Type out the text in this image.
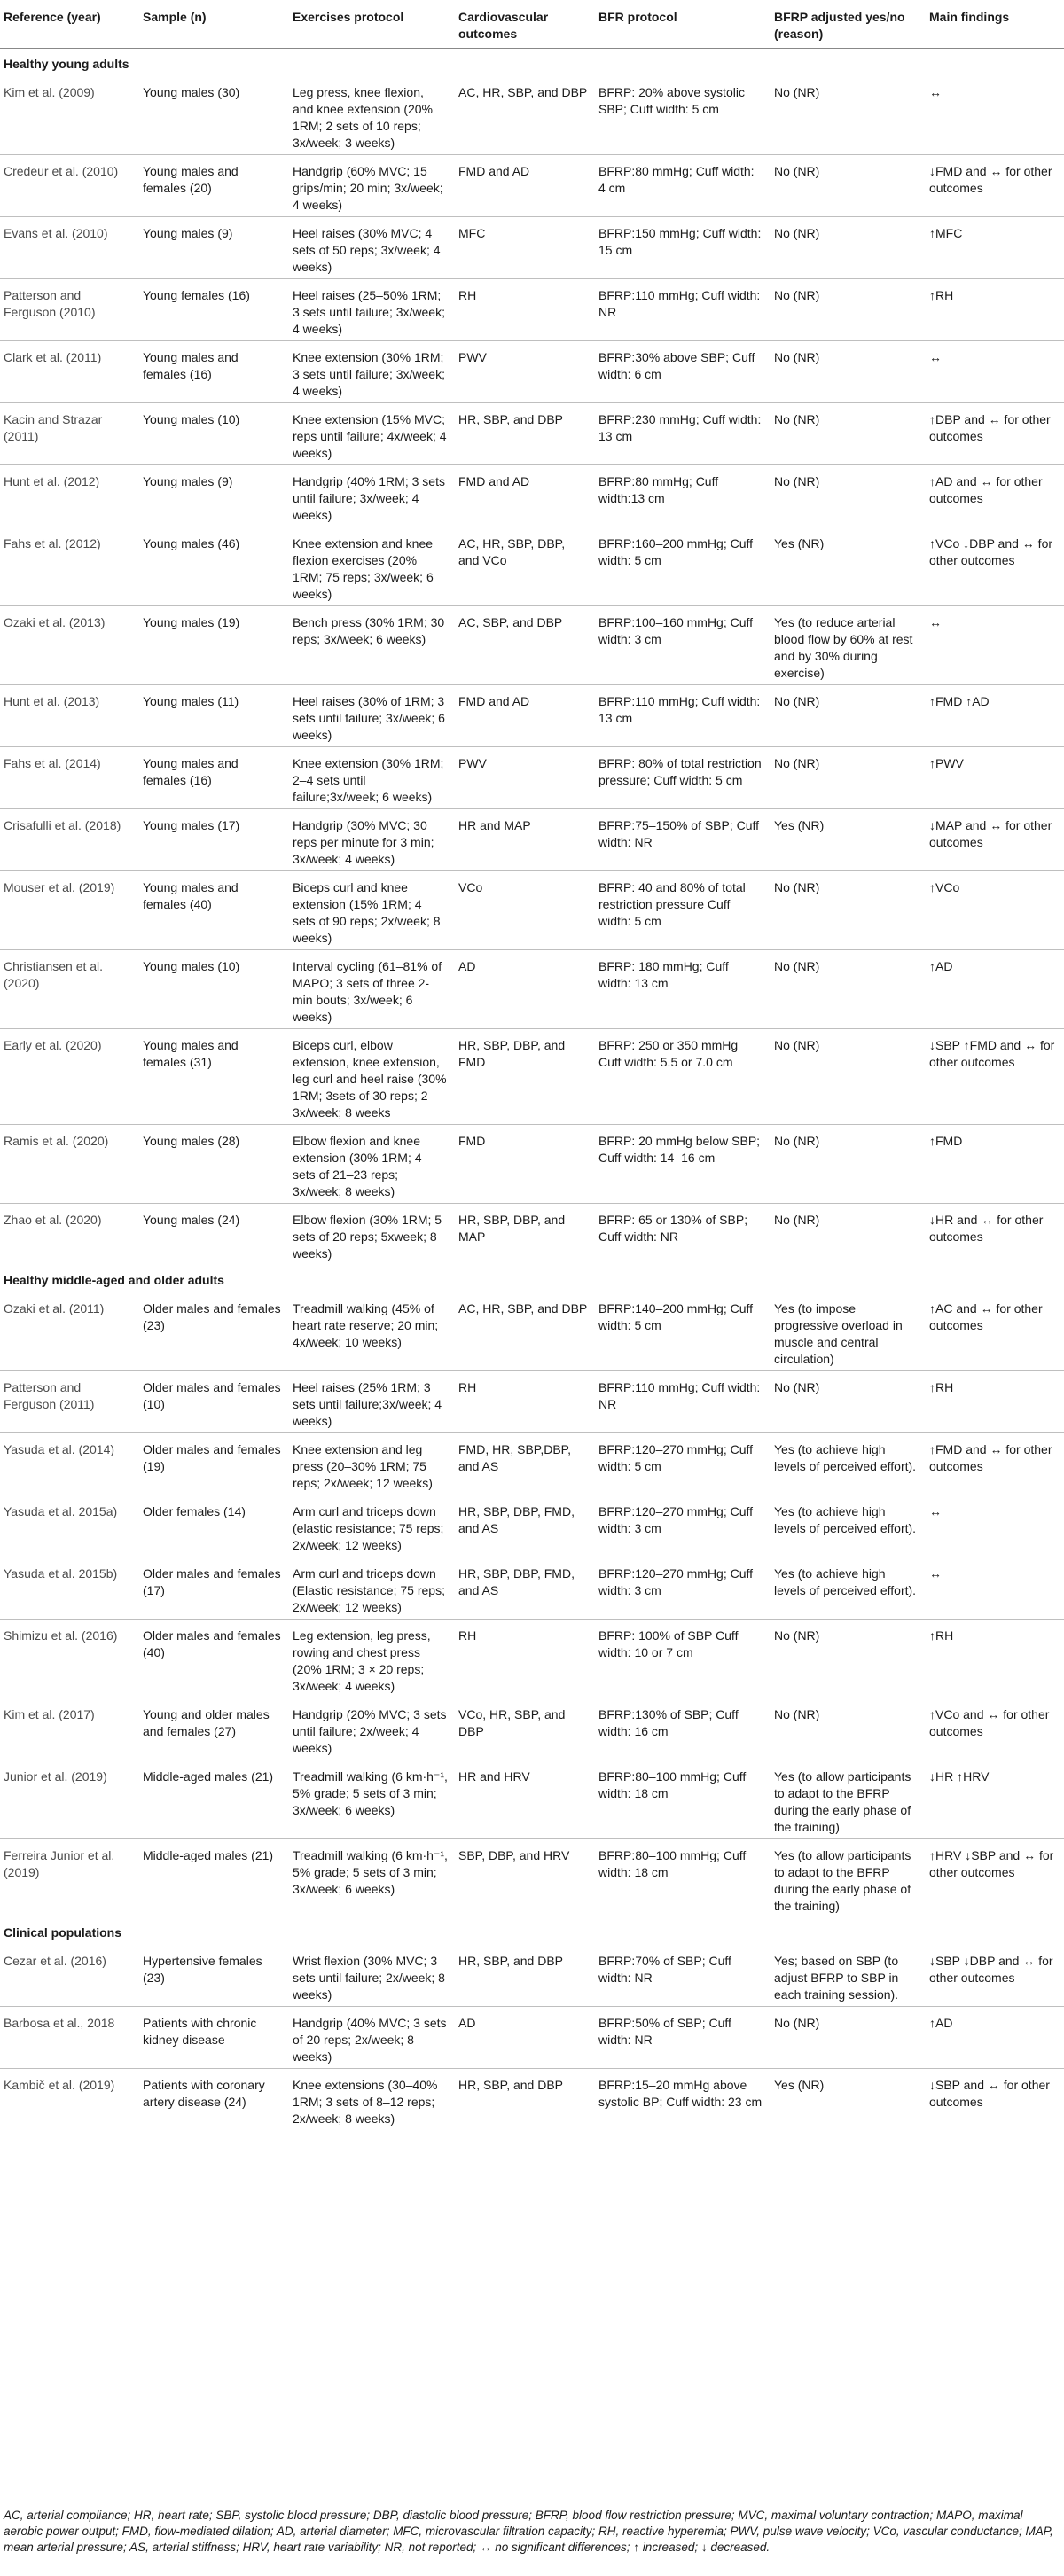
Reference (year)	Sample (n)	Exercises protocol	Cardiovascular outcomes	BFR protocol	BFRP adjusted yes/no (reason)	Main findings
Healthy young adults						
Kim et al. (2009)	Young males (30)	Leg press, knee flexion, and knee extension (20% 1RM; 2 sets of 10 reps; 3x/week; 3 weeks)	AC, HR, SBP, and DBP	BFRP: 20% above systolic SBP; Cuff width: 5 cm	No (NR)	↔
Credeur et al. (2010)	Young males and females (20)	Handgrip (60% MVC; 15 grips/min; 20 min; 3x/week; 4 weeks)	FMD and AD	BFRP:80 mmHg; Cuff width: 4 cm	No (NR)	↓FMD and ↔ for other outcomes
Evans et al. (2010)	Young males (9)	Heel raises (30% MVC; 4 sets of 50 reps; 3x/week; 4 weeks)	MFC	BFRP:150 mmHg; Cuff width: 15 cm	No (NR)	↑MFC
Patterson and Ferguson (2010)	Young females (16)	Heel raises (25–50% 1RM; 3 sets until failure; 3x/week; 4 weeks)	RH	BFRP:110 mmHg; Cuff width: NR	No (NR)	↑RH
Clark et al. (2011)	Young males and females (16)	Knee extension (30% 1RM; 3 sets until failure; 3x/week; 4 weeks)	PWV	BFRP:30% above SBP; Cuff width: 6 cm	No (NR)	↔
Kacin and Strazar (2011)	Young males (10)	Knee extension (15% MVC; reps until failure; 4x/week; 4 weeks)	HR, SBP, and DBP	BFRP:230 mmHg; Cuff width: 13 cm	No (NR)	↑DBP and ↔ for other outcomes
Hunt et al. (2012)	Young males (9)	Handgrip (40% 1RM; 3 sets until failure; 3x/week; 4 weeks)	FMD and AD	BFRP:80 mmHg; Cuff width:13 cm	No (NR)	↑AD and ↔ for other outcomes
Fahs et al. (2012)	Young males (46)	Knee extension and knee flexion exercises (20% 1RM; 75 reps; 3x/week; 6 weeks)	AC, HR, SBP, DBP, and VCo	BFRP:160–200 mmHg; Cuff width: 5 cm	Yes (NR)	↑VCo ↓DBP and ↔ for other outcomes
Ozaki et al. (2013)	Young males (19)	Bench press (30% 1RM; 30 reps; 3x/week; 6 weeks)	AC, SBP, and DBP	BFRP:100–160 mmHg; Cuff width: 3 cm	Yes (to reduce arterial blood flow by 60% at rest and by 30% during exercise)	↔
Hunt et al. (2013)	Young males (11)	Heel raises (30% of 1RM; 3 sets until failure; 3x/week; 6 weeks)	FMD and AD	BFRP:110 mmHg; Cuff width: 13 cm	No (NR)	↑FMD ↑AD
Fahs et al. (2014)	Young males and females (16)	Knee extension (30% 1RM; 2–4 sets until failure;3x/week; 6 weeks)	PWV	BFRP: 80% of total restriction pressure; Cuff width: 5 cm	No (NR)	↑PWV
Crisafulli et al. (2018)	Young males (17)	Handgrip (30% MVC; 30 reps per minute for 3 min; 3x/week; 4 weeks)	HR and MAP	BFRP:75–150% of SBP; Cuff width: NR	Yes (NR)	↓MAP and ↔ for other outcomes
Mouser et al. (2019)	Young males and females (40)	Biceps curl and knee extension (15% 1RM; 4 sets of 90 reps; 2x/week; 8 weeks)	VCo	BFRP: 40 and 80% of total restriction pressure Cuff width: 5 cm	No (NR)	↑VCo
Christiansen et al. (2020)	Young males (10)	Interval cycling (61–81% of MAPO; 3 sets of three 2-min bouts; 3x/week; 6 weeks)	AD	BFRP: 180 mmHg; Cuff width: 13 cm	No (NR)	↑AD
Early et al. (2020)	Young males and females (31)	Biceps curl, elbow extension, knee extension, leg curl and heel raise (30% 1RM; 3sets of 30 reps; 2–3x/week; 8 weeks	HR, SBP, DBP, and FMD	BFRP: 250 or 350 mmHg Cuff width: 5.5 or 7.0 cm	No (NR)	↓SBP ↑FMD and ↔ for other outcomes
Ramis et al. (2020)	Young males (28)	Elbow flexion and knee extension (30% 1RM; 4 sets of 21–23 reps; 3x/week; 8 weeks)	FMD	BFRP: 20 mmHg below SBP; Cuff width: 14–16 cm	No (NR)	↑FMD
Zhao et al. (2020)	Young males (24)	Elbow flexion (30% 1RM; 5 sets of 20 reps; 5xweek; 8 weeks)	HR, SBP, DBP, and MAP	BFRP: 65 or 130% of SBP; Cuff width: NR	No (NR)	↓HR and ↔ for other outcomes
Healthy middle-aged and older adults						
Ozaki et al. (2011)	Older males and females (23)	Treadmill walking (45% of heart rate reserve; 20 min; 4x/week; 10 weeks)	AC, HR, SBP, and DBP	BFRP:140–200 mmHg; Cuff width: 5 cm	Yes (to impose progressive overload in muscle and central circulation)	↑AC and ↔ for other outcomes
Patterson and Ferguson (2011)	Older males and females (10)	Heel raises (25% 1RM; 3 sets until failure;3x/week; 4 weeks)	RH	BFRP:110 mmHg; Cuff width: NR	No (NR)	↑RH
Yasuda et al. (2014)	Older males and females (19)	Knee extension and leg press (20–30% 1RM; 75 reps; 2x/week; 12 weeks)	FMD, HR, SBP,DBP, and AS	BFRP:120–270 mmHg; Cuff width: 5 cm	Yes (to achieve high levels of perceived effort).	↑FMD and ↔ for other outcomes
Yasuda et al. 2015a)	Older females (14)	Arm curl and triceps down (elastic resistance; 75 reps; 2x/week; 12 weeks)	HR, SBP, DBP, FMD, and AS	BFRP:120–270 mmHg; Cuff width: 3 cm	Yes (to achieve high levels of perceived effort).	↔
Yasuda et al. 2015b)	Older males and females (17)	Arm curl and triceps down (Elastic resistance; 75 reps; 2x/week; 12 weeks)	HR, SBP, DBP, FMD, and AS	BFRP:120–270 mmHg; Cuff width: 3 cm	Yes (to achieve high levels of perceived effort).	↔
Shimizu et al. (2016)	Older males and females (40)	Leg extension, leg press, rowing and chest press (20% 1RM; 3 × 20 reps; 3x/week; 4 weeks)	RH	BFRP: 100% of SBP Cuff width: 10 or 7 cm	No (NR)	↑RH
Kim et al. (2017)	Young and older males and females (27)	Handgrip (20% MVC; 3 sets until failure; 2x/week; 4 weeks)	VCo, HR, SBP, and DBP	BFRP:130% of SBP; Cuff width: 16 cm	No (NR)	↑VCo and ↔ for other outcomes
Junior et al. (2019)	Middle-aged males (21)	Treadmill walking (6 km·h⁻¹, 5% grade; 5 sets of 3 min; 3x/week; 6 weeks)	HR and HRV	BFRP:80–100 mmHg; Cuff width: 18 cm	Yes (to allow participants to adapt to the BFRP during the early phase of the training)	↓HR ↑HRV
Ferreira Junior et al. (2019)	Middle-aged males (21)	Treadmill walking (6 km·h⁻¹, 5% grade; 5 sets of 3 min; 3x/week; 6 weeks)	SBP, DBP, and HRV	BFRP:80–100 mmHg; Cuff width: 18 cm	Yes (to allow participants to adapt to the BFRP during the early phase of the training)	↑HRV ↓SBP and ↔ for other outcomes
Clinical populations						
Cezar et al. (2016)	Hypertensive females (23)	Wrist flexion (30% MVC; 3 sets until failure; 2x/week; 8 weeks)	HR, SBP, and DBP	BFRP:70% of SBP; Cuff width: NR	Yes; based on SBP (to adjust BFRP to SBP in each training session).	↓SBP ↓DBP and ↔ for other outcomes
Barbosa et al., 2018	Patients with chronic kidney disease	Handgrip (40% MVC; 3 sets of 20 reps; 2x/week; 8 weeks)	AD	BFRP:50% of SBP; Cuff width: NR	No (NR)	↑AD
Kambič et al. (2019)	Patients with coronary artery disease (24)	Knee extensions (30–40% 1RM; 3 sets of 8–12 reps; 2x/week; 8 weeks)	HR, SBP, and DBP	BFRP:15–20 mmHg above systolic BP; Cuff width: 23 cm	Yes (NR)	↓SBP and ↔ for other outcomes
AC, arterial compliance; HR, heart rate; SBP, systolic blood pressure; DBP, diastolic blood pressure; BFRP, blood flow restriction pressure; MVC, maximal voluntary contraction; MAPO, maximal aerobic power output; FMD, flow-mediated dilation; AD, arterial diameter; MFC, microvascular filtration capacity; RH, reactive hyperemia; PWV, pulse wave velocity; VCo, vascular conductance; MAP, mean arterial pressure; AS, arterial stiffness; HRV, heart rate variability; NR, not reported; ↔ no significant differences; ↑ increased; ↓ decreased.
